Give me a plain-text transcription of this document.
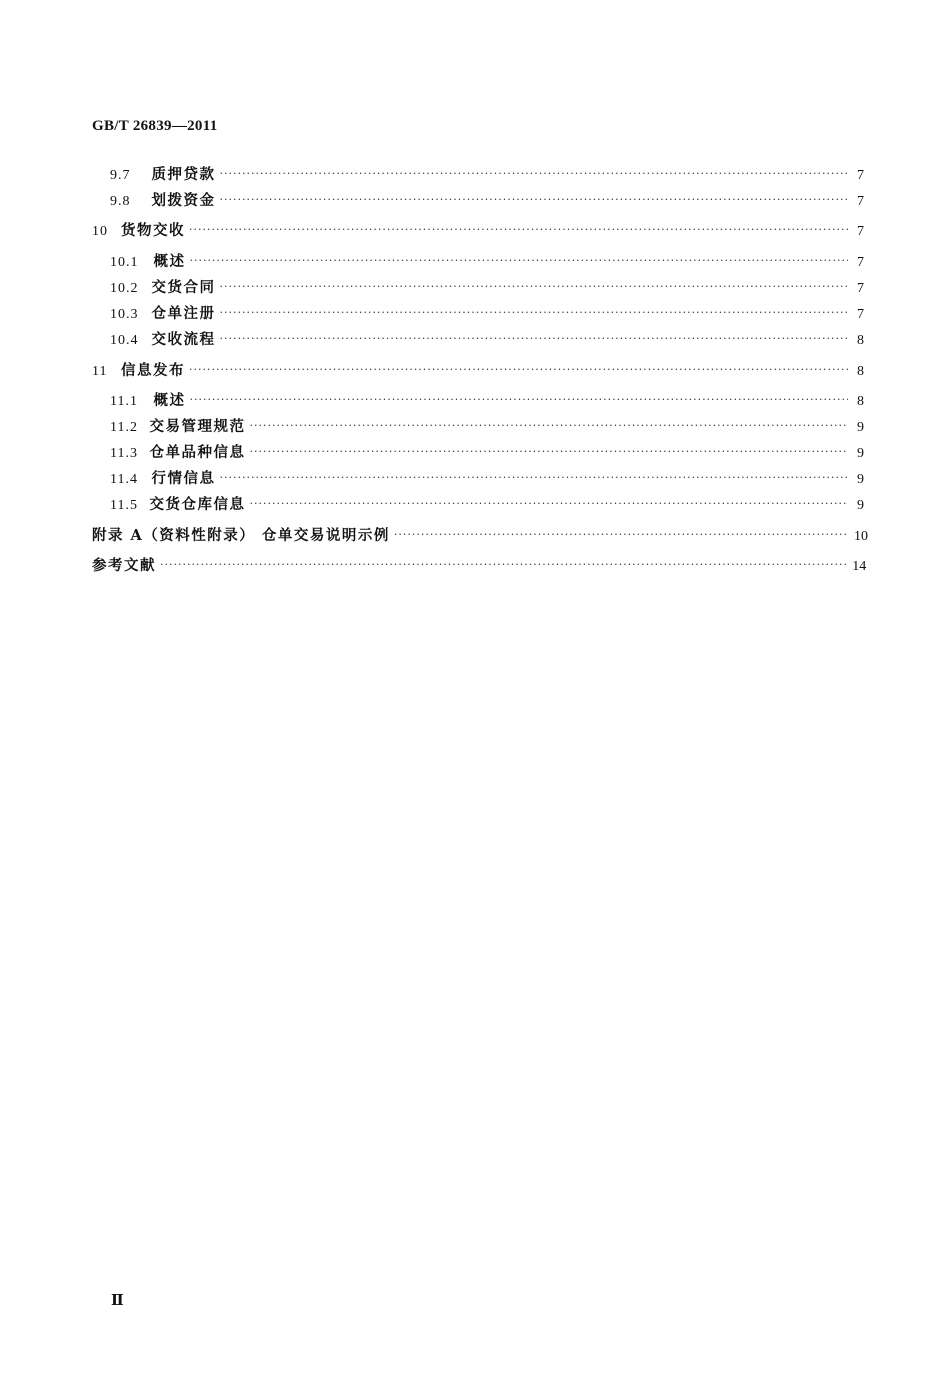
GB/T 26839—2011
9.7	质押贷款 ·····	7
9.8	划拨资金 ·····	7
10 货物交收 ·····	7
10.1	概述 ·····	7
10.2 交货合同 ·····	7
10.3 仓单注册 ·····	7
10.4 交收流程 ·····	8
11 信息发布 ·····	8
11.1	概述 ·····	8
11.2 交易管理规范 ·····	9
11.3 仓单品种信息 ·····	9
11.4 行情信息 ·····	9
11.5 交货仓库信息 ·····	9
附录 A（资料性附录） 仓单交易说明示例 ·····	10
参考文献 ·····	14
Ⅱ
